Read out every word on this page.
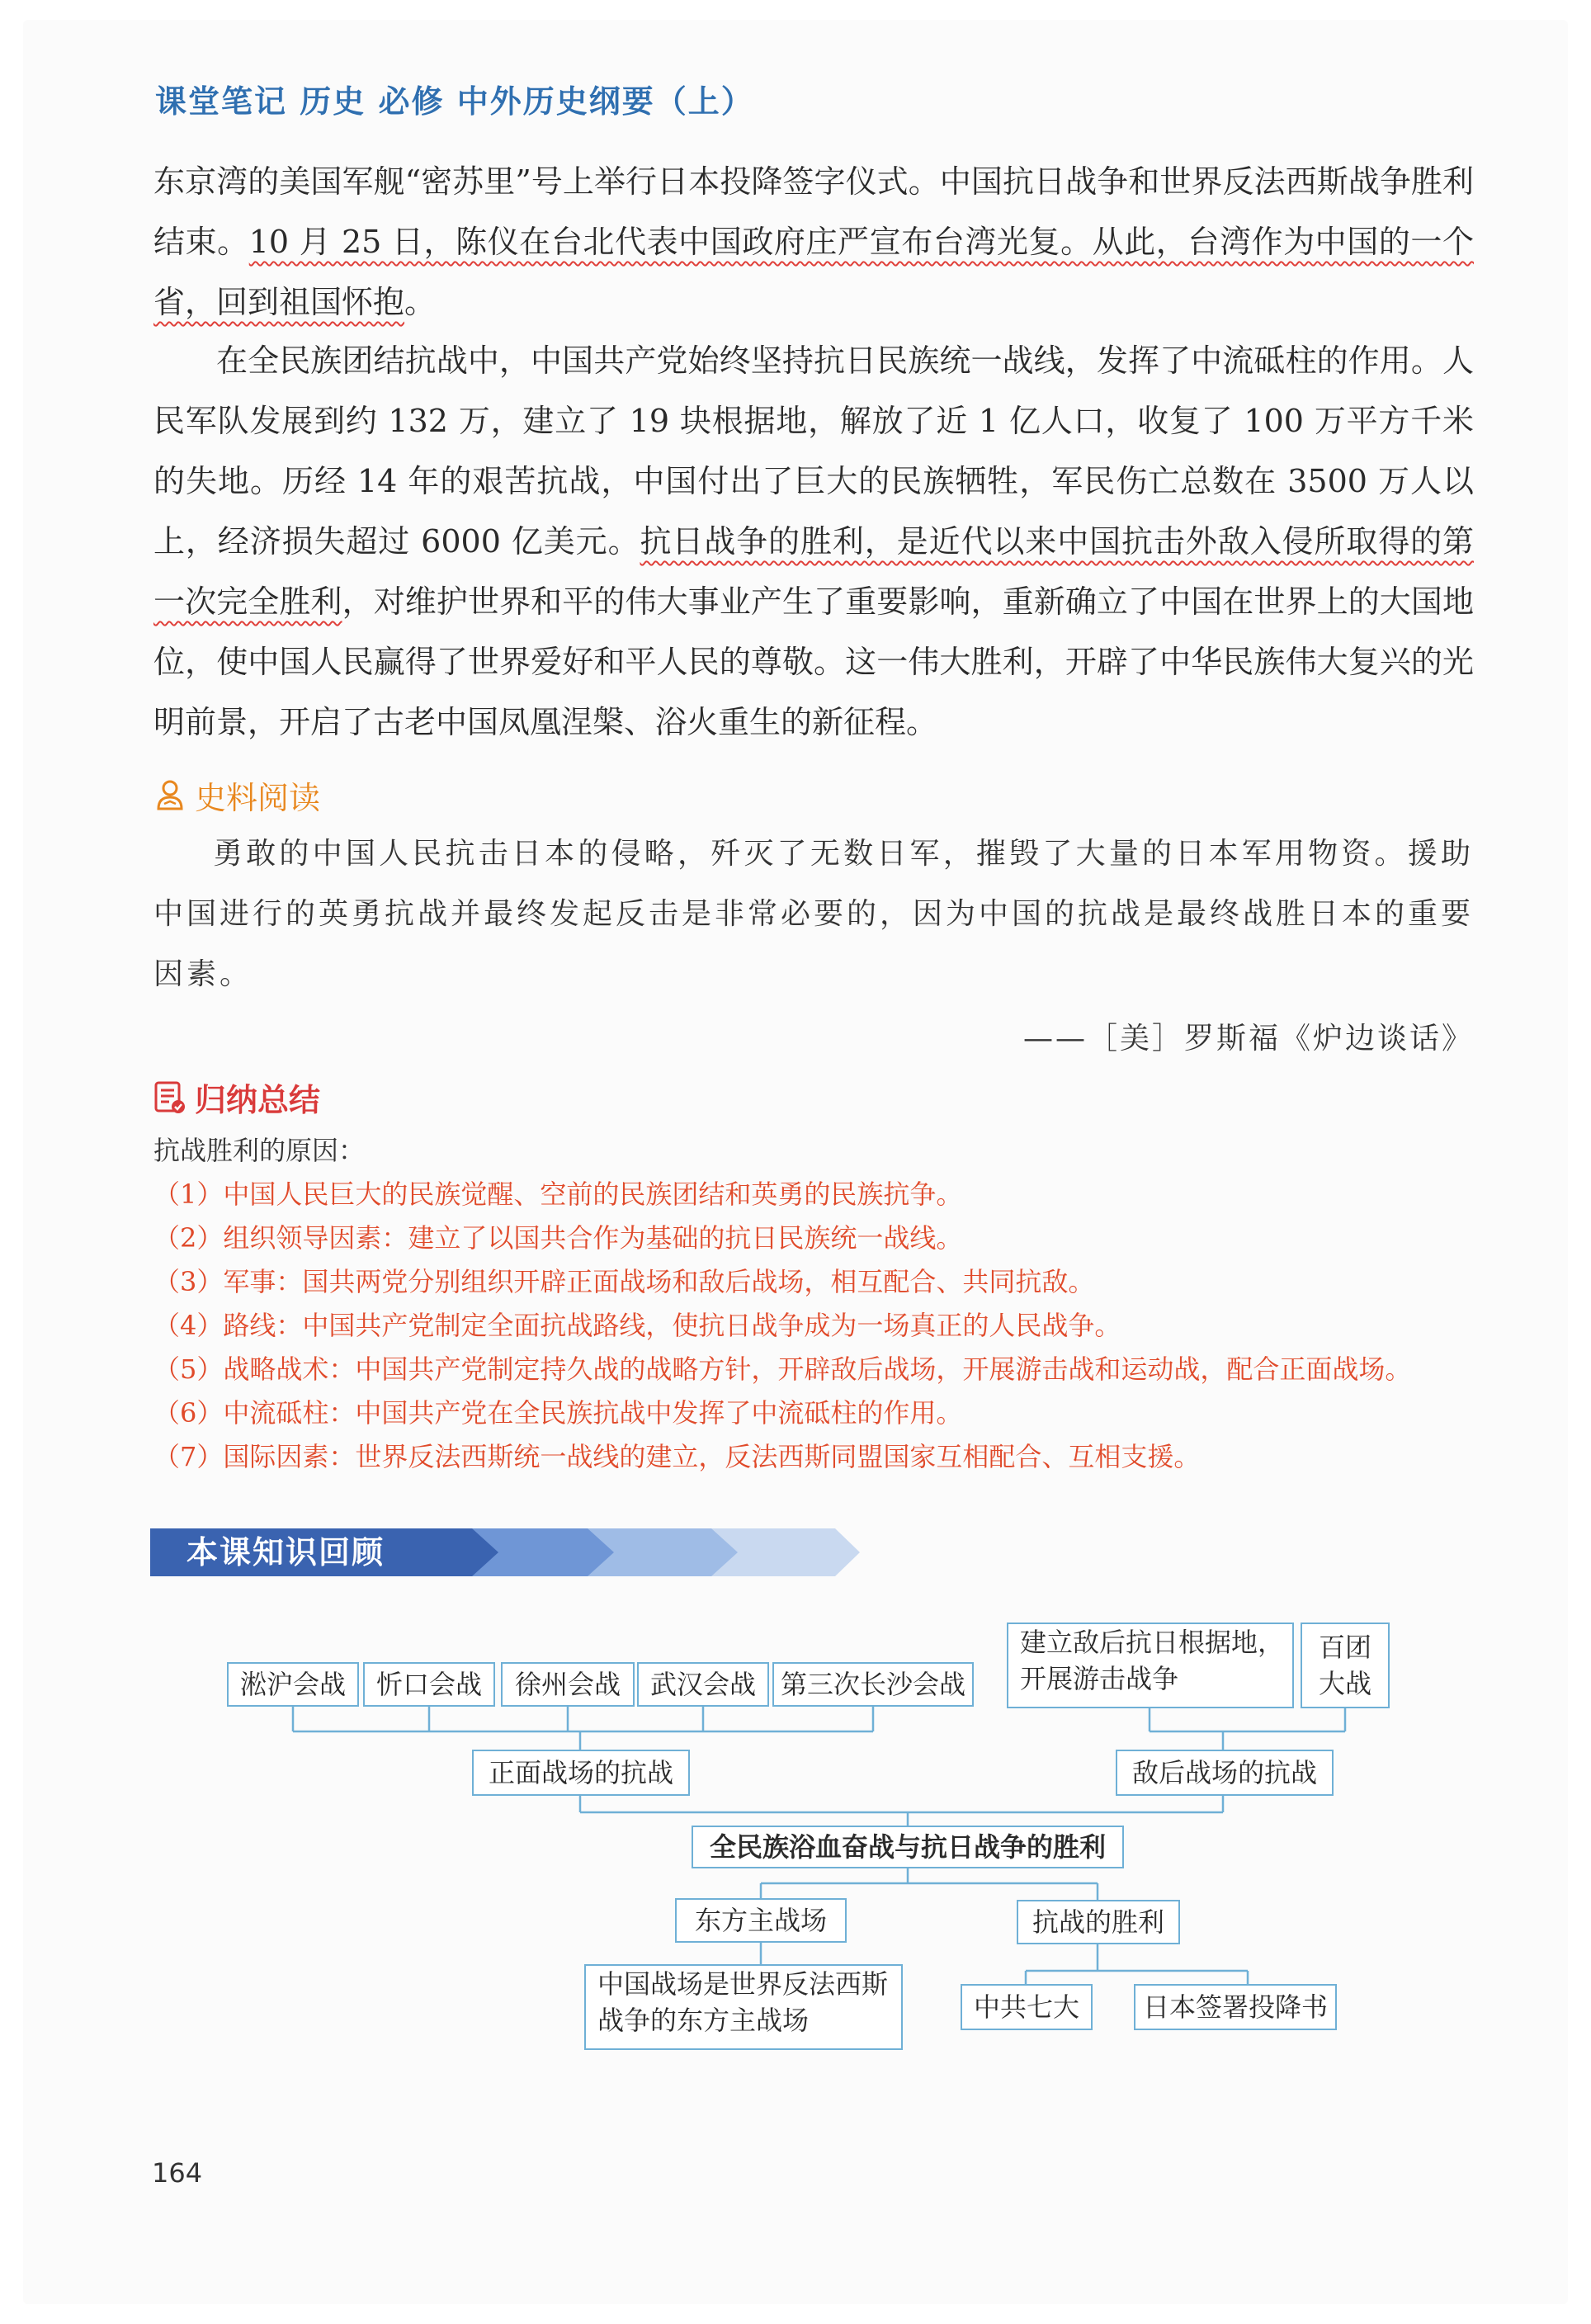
课堂笔记 历史 必修 中外历史纲要（上）

东京湾的美国军舰“密苏里”号上举行日本投降签字仪式。中国抗日战争和世界反法西斯战争胜利结束。10 月 25 日，陈仪在台北代表中国政府庄严宣布台湾光复。从此，台湾作为中国的一个省，回到祖国怀抱。

在全民族团结抗战中，中国共产党始终坚持抗日民族统一战线，发挥了中流砥柱的作用。人民军队发展到约 132 万，建立了 19 块根据地，解放了近 1 亿人口，收复了 100 万平方千米的失地。历经 14 年的艰苦抗战，中国付出了巨大的民族牺牲，军民伤亡总数在 3500 万人以上，经济损失超过 6000 亿美元。抗日战争的胜利，是近代以来中国抗击外敌入侵所取得的第一次完全胜利，对维护世界和平的伟大事业产生了重要影响，重新确立了中国在世界上的大国地位，使中国人民赢得了世界爱好和平人民的尊敬。这一伟大胜利，开辟了中华民族伟大复兴的光明前景，开启了古老中国凤凰涅槃、浴火重生的新征程。

史料阅读

勇敢的中国人民抗击日本的侵略，歼灭了无数日军，摧毁了大量的日本军用物资。援助中国进行的英勇抗战并最终发起反击是非常必要的，因为中国的抗战是最终战胜日本的重要因素。

——［美］罗斯福《炉边谈话》
归纳总结
抗战胜利的原因：
（1）中国人民巨大的民族觉醒、空前的民族团结和英勇的民族抗争。
（2）组织领导因素：建立了以国共合作为基础的抗日民族统一战线。
（3）军事：国共两党分别组织开辟正面战场和敌后战场，相互配合、共同抗敌。
（4）路线：中国共产党制定全面抗战路线，使抗日战争成为一场真正的人民战争。
（5）战略战术：中国共产党制定持久战的战略方针，开辟敌后战场，开展游击战和运动战，配合正面战场。
（6）中流砥柱：中国共产党在全民族抗战中发挥了中流砥柱的作用。
（7）国际因素：世界反法西斯统一战线的建立，反法西斯同盟国家互相配合、互相支援。
本课知识回顾
淞沪会战	忻口会战	徐州会战	武汉会战 第三次长沙会战
建立敌后抗日根据地，
开展游击战争
百团
大战
正面战场的抗战	敌后战场的抗战
全民族浴血奋战与抗日战争的胜利
东方主战场	抗战的胜利
中国战场是世界反法西斯
战争的东方主战场	中共七大	日本签署投降书
164
